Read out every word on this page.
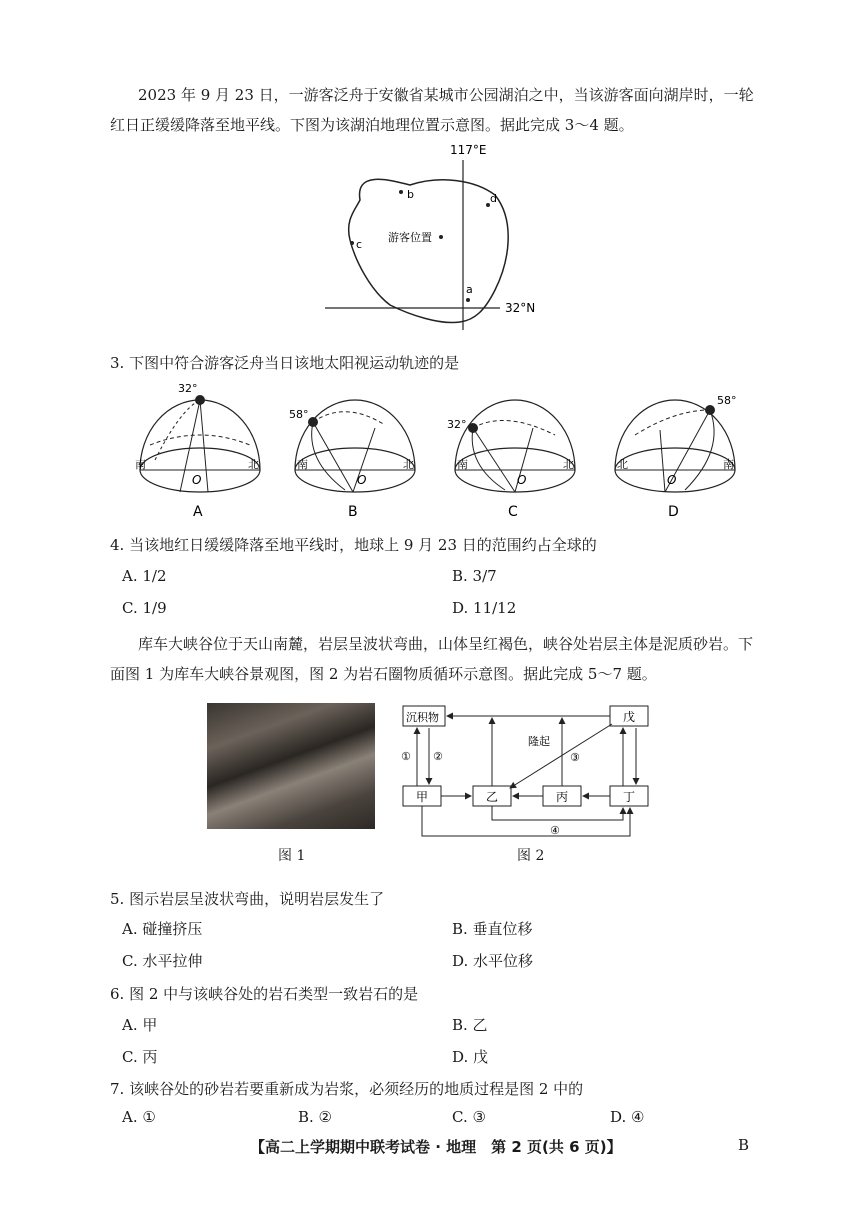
2023 年 9 月 23 日，一游客泛舟于安徽省某城市公园湖泊之中，当该游客面向湖岸时，一轮红日正缓缓降落至地平线。下图为该湖泊地理位置示意图。据此完成 3～4 题。
117°E
32°N
游客位置
b	d
c
a
3. 下图中符合游客泛舟当日该地太阳视运动轨迹的是
32°
南	北
O
A
58°
南	北
O
B
32°
南	北
O
C
58°
北	南
O
D
4. 当该地红日缓缓降落至地平线时，地球上 9 月 23 日的范围约占全球的
A. 1/2	B. 3/7
C. 1/9	D. 11/12
库车大峡谷位于天山南麓，岩层呈波状弯曲，山体呈红褐色，峡谷处岩层主体是泥质砂岩。下面图 1 为库车大峡谷景观图，图 2 为岩石圈物质循环示意图。据此完成 5～7 题。
图 1
沉积物	戊
甲	乙	丙	丁
① ②
隆起
③
④
图 2
5. 图示岩层呈波状弯曲，说明岩层发生了
A. 碰撞挤压	B. 垂直位移
C. 水平拉伸	D. 水平位移
6. 图 2 中与该峡谷处的岩石类型一致岩石的是
A. 甲	B. 乙
C. 丙	D. 戊
7. 该峡谷处的砂岩若要重新成为岩浆，必须经历的地质过程是图 2 中的
A. ①	B. ②	C. ③	D. ④
【高二上学期期中联考试卷 · 地理　第 2 页(共 6 页)】	B
